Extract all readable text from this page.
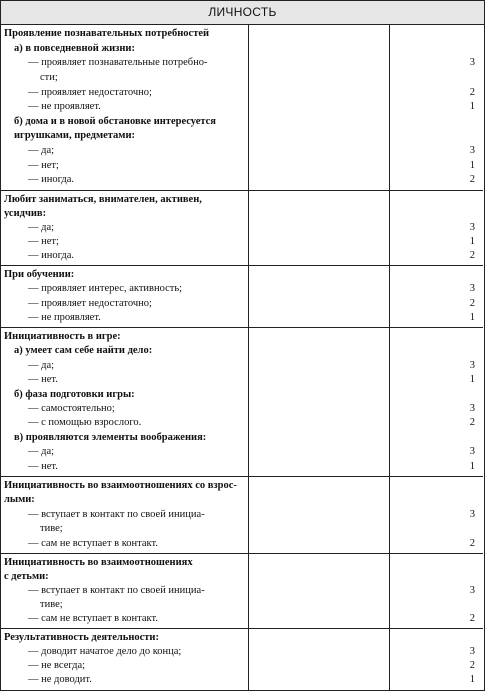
ЛИЧНОСТЬ
Проявление познавательных потребностей
а) в повседневной жизни:
— проявляет познавательные потребно-	3
сти;
— проявляет недостаточно;	2
— не проявляет.	1
б) дома и в новой обстановке интересуется
игрушками, предметами:
— да;	3
— нет;	1
— иногда.	2
Любит заниматься, внимателен, активен,
усидчив:
— да;	3
— нет;	1
— иногда.	2
При обучении:
— проявляет интерес, активность;	3
— проявляет недостаточно;	2
— не проявляет.	1
Инициативность в игре:
а) умеет сам себе найти дело:
— да;	3
— нет.	1
б) фаза подготовки игры:
— самостоятельно;	3
— с помощью взрослого.	2
в) проявляются элементы воображения:
— да;	3
— нет.	1
Инициативность во взаимоотношениях со взрос-
лыми:
— вступает в контакт по своей инициа-	3
тиве;
— сам не вступает в контакт.	2
Инициативность во взаимоотношениях
с детьми:
— вступает в контакт по своей инициа-	3
тиве;
— сам не вступает в контакт.	2
Результативность деятельности:
— доводит начатое дело до конца;	3
— не всегда;	2
— не доводит.	1
